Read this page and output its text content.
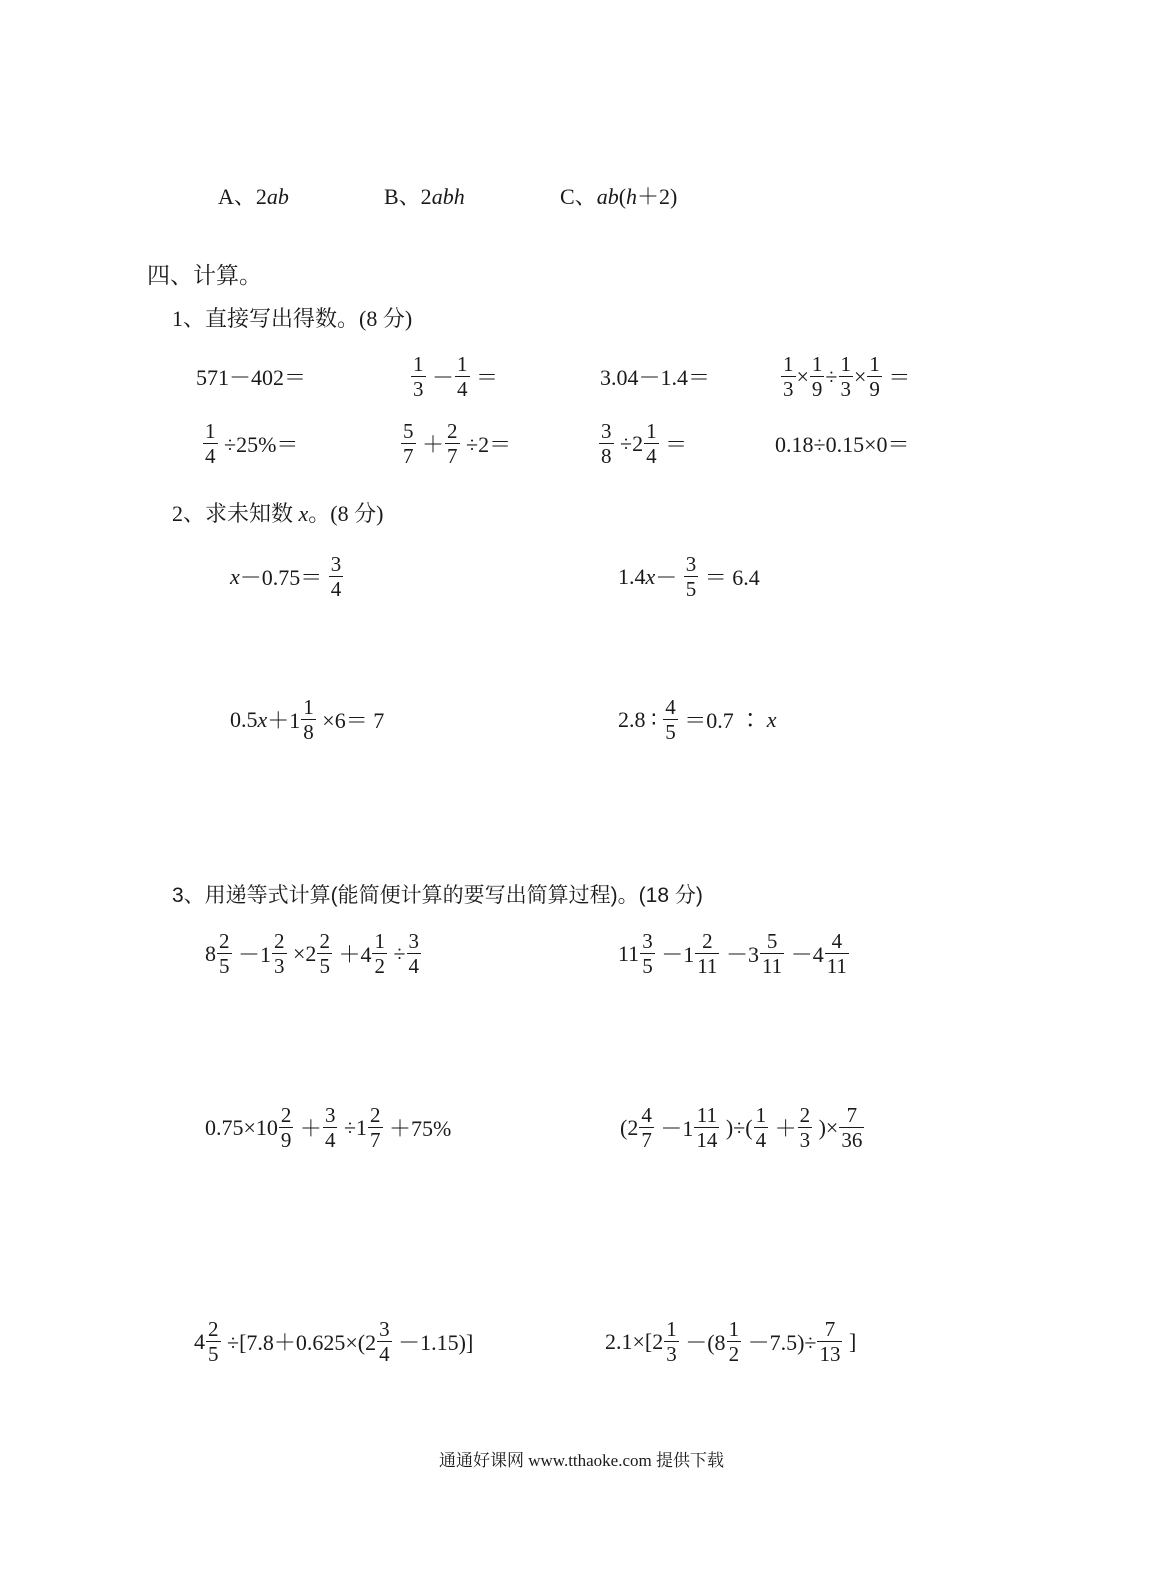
A、2ab	B、2abh	C、ab(h＋2)
四、计算。
1、直接写出得数。(8 分)
571－402＝	$\frac{1}{3} - \frac{1}{4}$ ＝	3.04－1.4＝	$\frac{1}{3} \times \frac{1}{9} \div \frac{1}{3} \times \frac{1}{9}$ ＝
$\frac{1}{4} \div 25\%=$	$\frac{5}{7} + \frac{2}{7} \div 2=$	$\frac{3}{8} \div 2 \frac{1}{4}$ ＝	0.18÷0.15×0＝
2、求未知数 x。(8 分)
$x -0.75= \frac{3}{4}$	1.4 $x - \frac{3}{5} = 6.4$
0.5 $x +1 \frac{1}{8} \times 6= 7$	2.8 ∶ $\frac{4}{5} =0.7$ ∶ x
3、用递等式计算(能简便计算的要写出简算过程)。(18 分)
$8 \frac{2}{5} -1 \frac{2}{3} \times 2 \frac{2}{5} +4 \frac{1}{2} \div \frac{3}{4}$	$11 \frac{3}{5} -1 \frac{2}{11} -3 \frac{5}{11} -4 \frac{4}{11}$
$0.75\times 10 \frac{2}{9} + \frac{3}{4} \div 1 \frac{2}{7} +75\%$	($2 \frac{4}{7} -1 \frac{11}{14}$ )÷( $\frac{1}{4} + \frac{2}{3}$ )× $\frac{7}{36}$
$4 \frac{2}{5} \div[7.8+0.625\times(2 \frac{3}{4} -1.15)]$	$2.1\times[2 \frac{1}{3} -(8 \frac{1}{2} -7.5)\div \frac{7}{13}$ ]
通通好课网 www.tthaoke.com 提供下载
